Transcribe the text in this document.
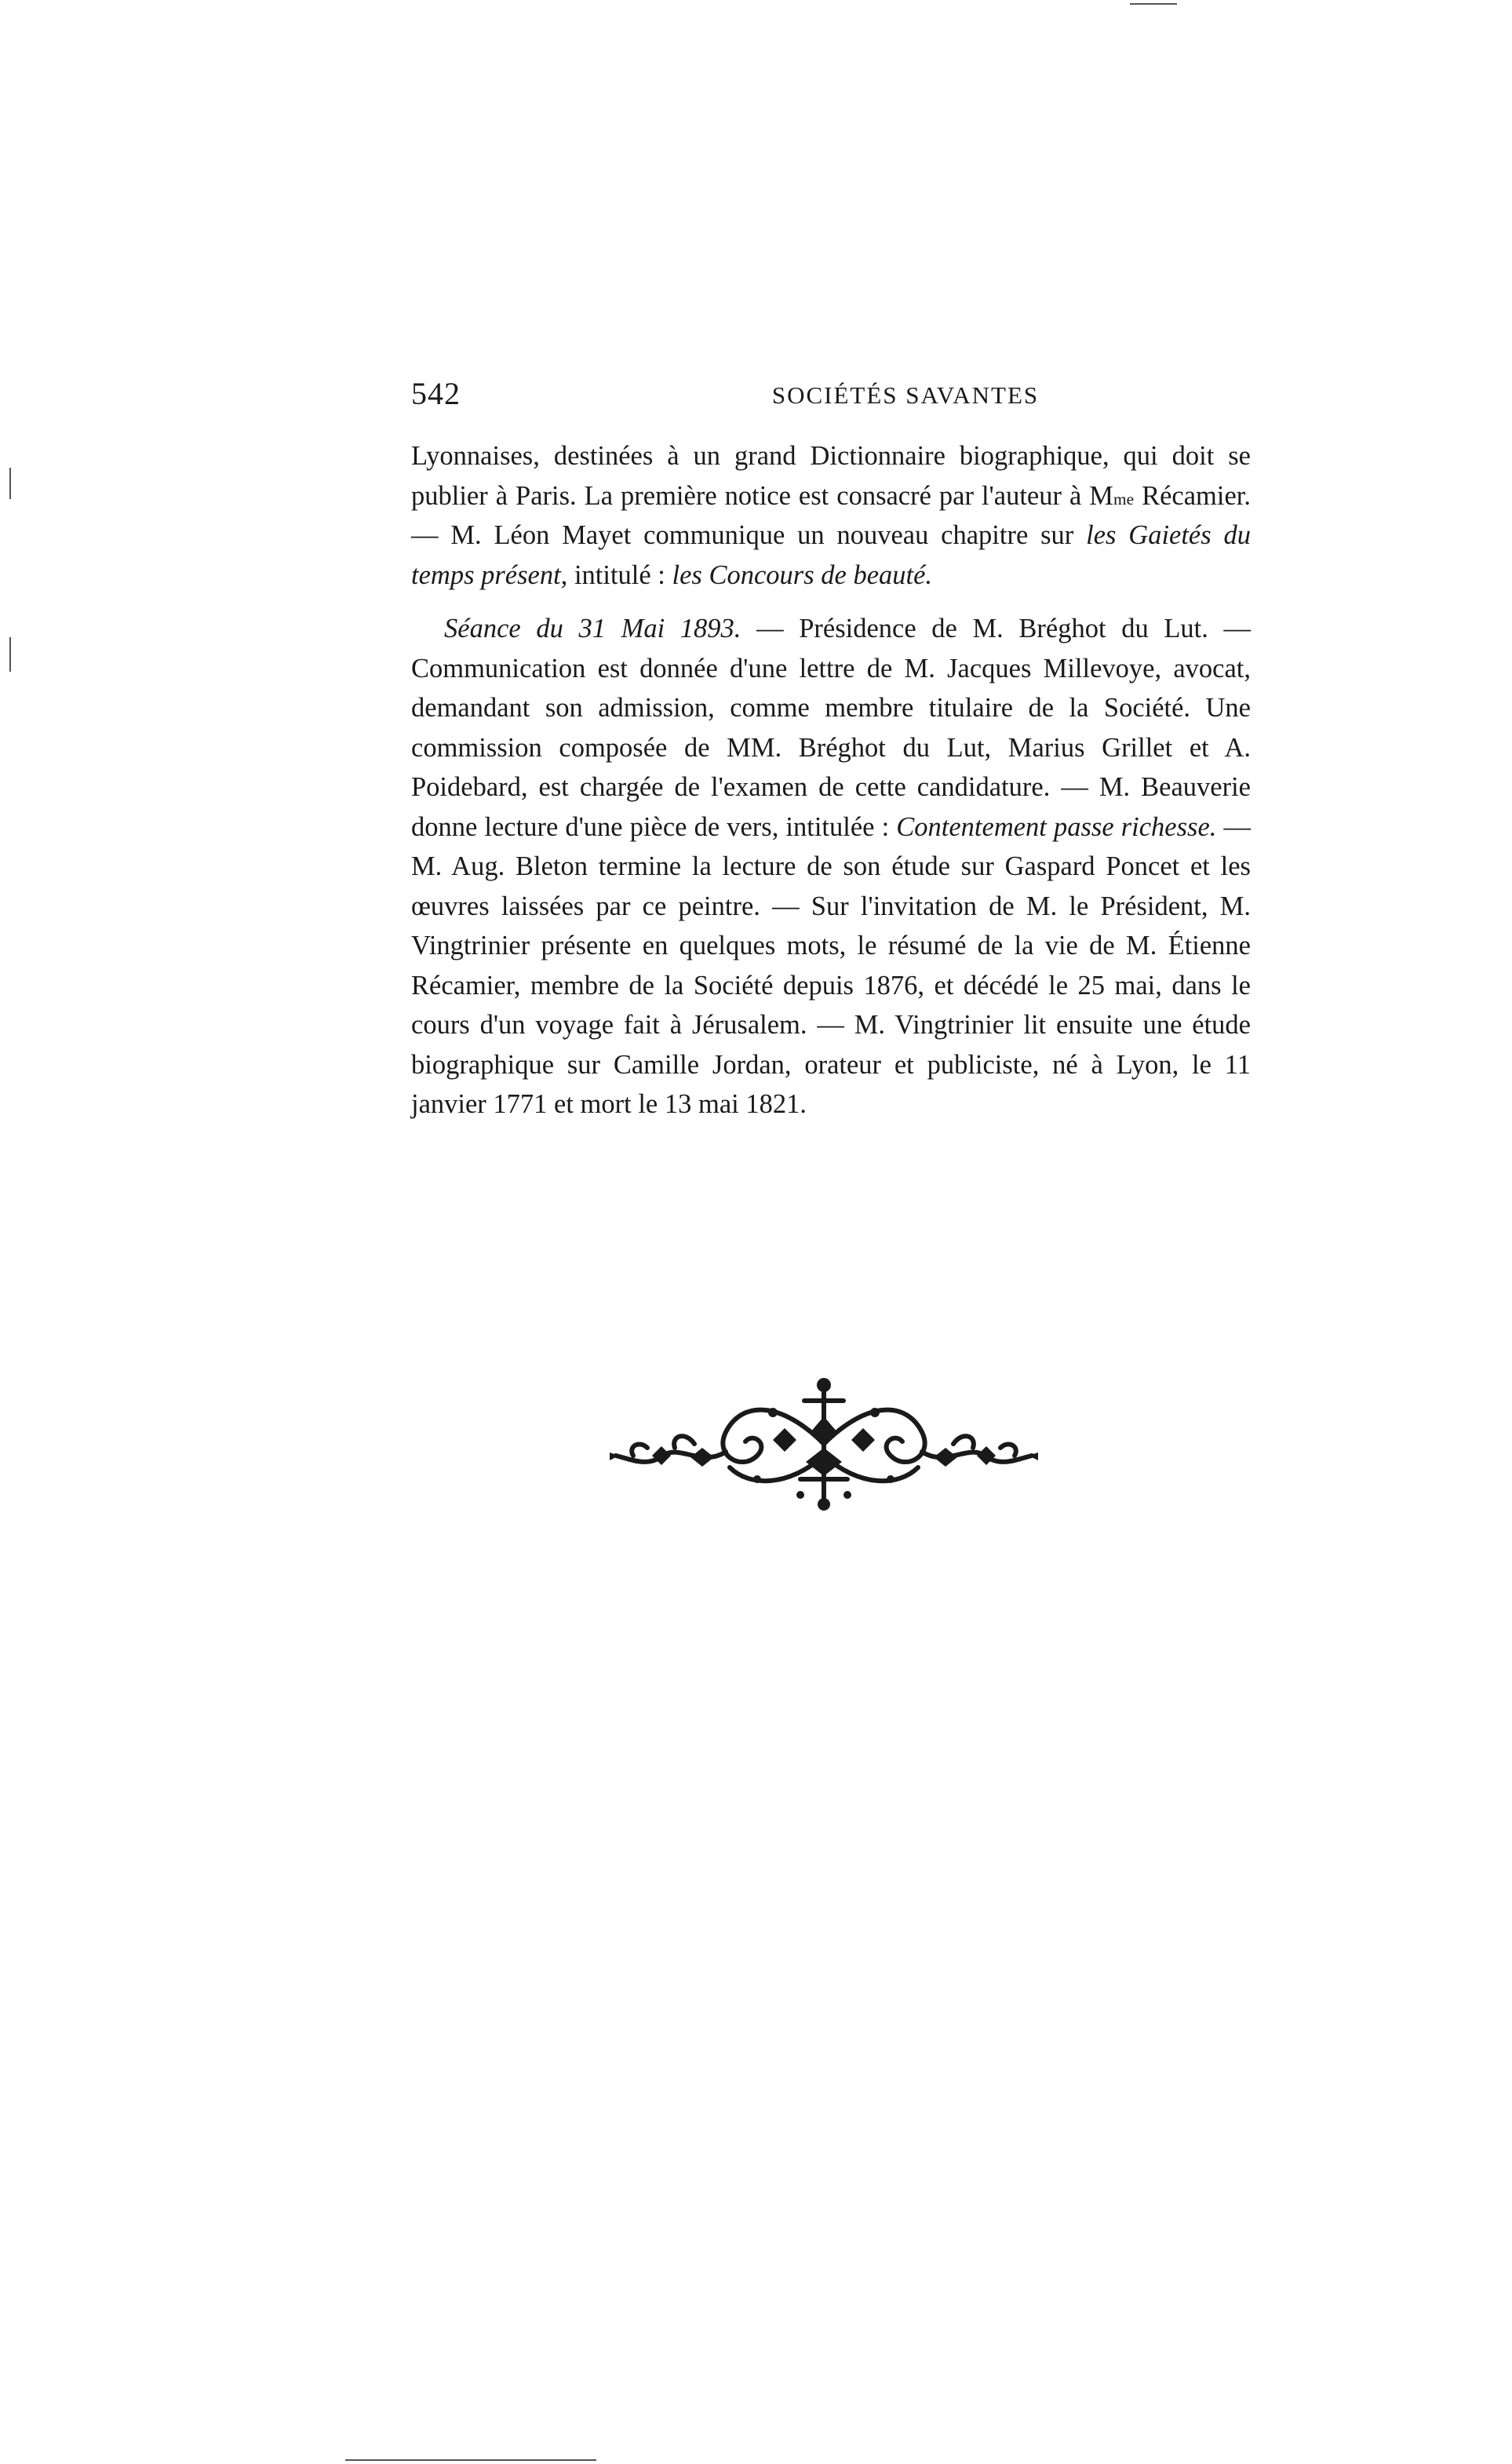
542	SOCIÉTÉS SAVANTES

Lyonnaises, destinées à un grand Dictionnaire biographique, qui doit se publier à Paris. La première notice est consacré par l'auteur à $M^{me}$ Récamier. — M. Léon Mayet communique un nouveau chapitre sur les Gaietés du temps présent, intitulé : les Concours de beauté.

Séance du 31 Mai 1893. — Présidence de M. Bréghot du Lut. — Communication est donnée d'une lettre de M. Jacques Millevoye, avocat, demandant son admission, comme membre titulaire de la Société. Une commission composée de MM. Bréghot du Lut, Marius Grillet et A. Poidebard, est chargée de l'examen de cette candidature. — M. Beauverie donne lecture d'une pièce de vers, intitulée : Contentement passe richesse. — M. Aug. Bleton termine la lecture de son étude sur Gaspard Poncet et les œuvres laissées par ce peintre. — Sur l'invitation de M. le Président, M. Vingtrinier présente en quelques mots, le résumé de la vie de M. Étienne Récamier, membre de la Société depuis 1876, et décédé le 25 mai, dans le cours d'un voyage fait à Jérusalem. — M. Vingtrinier lit ensuite une étude biographique sur Camille Jordan, orateur et publiciste, né à Lyon, le 11 janvier 1771 et mort le 13 mai 1821.
